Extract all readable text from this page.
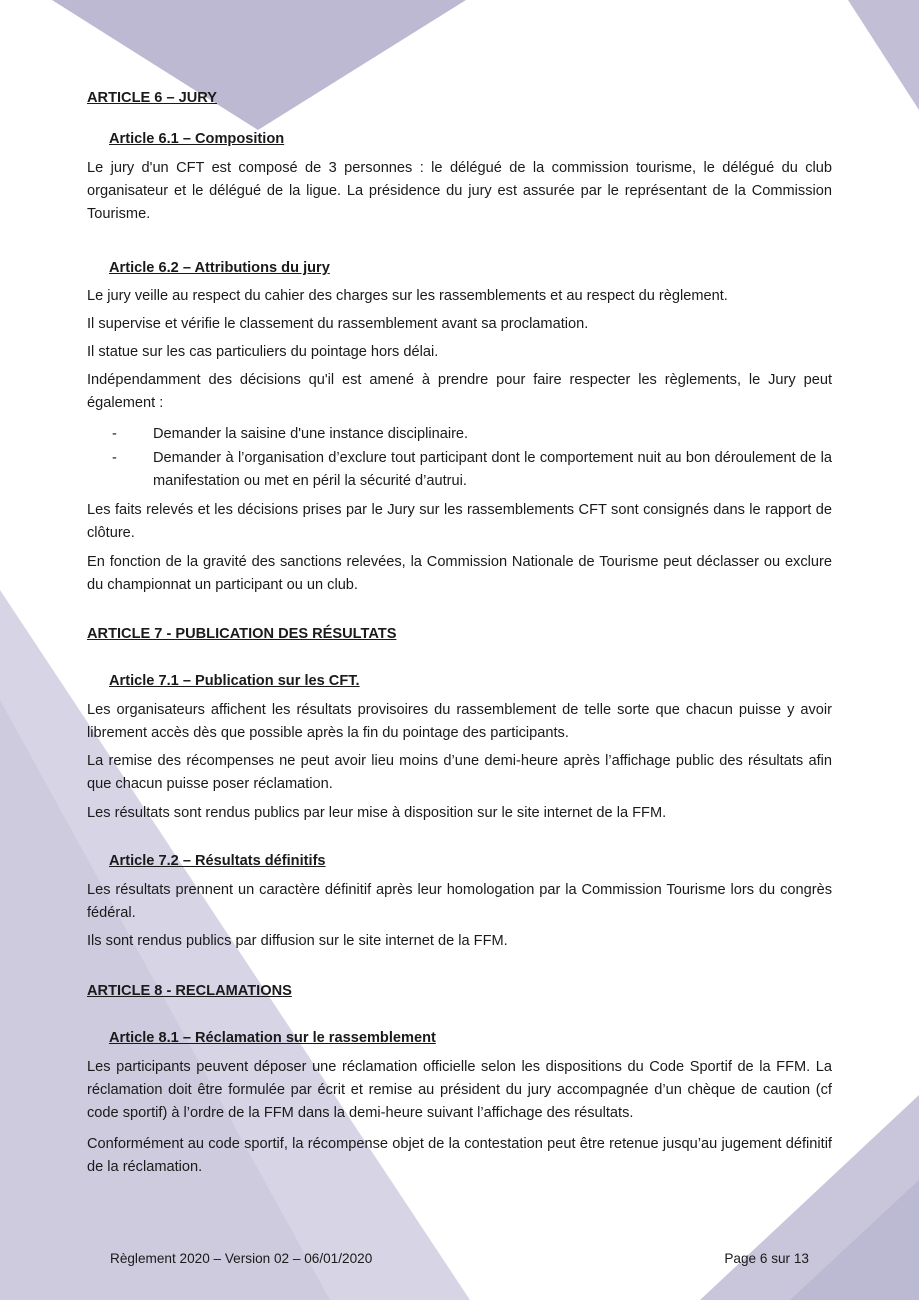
ARTICLE 6 – JURY
Article 6.1 – Composition

Le jury d'un CFT est composé de 3 personnes : le délégué de la commission tourisme, le délégué du club organisateur et le délégué de la ligue. La présidence du jury est assurée par le représentant de la Commission Tourisme.

Article 6.2 – Attributions du jury

Le jury veille au respect du cahier des charges sur les rassemblements et au respect du règlement.

Il supervise et vérifie le classement du rassemblement avant sa proclamation.

Il statue sur les cas particuliers du pointage hors délai.

Indépendamment des décisions qu'il est amené à prendre pour faire respecter les règlements, le Jury peut également :

- Demander la saisine d'une instance disciplinaire.

- Demander à l’organisation d’exclure tout participant dont le comportement nuit au bon déroulement de la manifestation ou met en péril la sécurité d’autrui.

Les faits relevés et les décisions prises par le Jury sur les rassemblements CFT sont consignés dans le rapport de clôture.

En fonction de la gravité des sanctions relevées, la Commission Nationale de Tourisme peut déclasser ou exclure du championnat un participant ou un club.

ARTICLE 7 - PUBLICATION DES RÉSULTATS
Article 7.1 – Publication sur les CFT.

Les organisateurs affichent les résultats provisoires du rassemblement de telle sorte que chacun puisse y avoir librement accès dès que possible après la fin du pointage des participants.

La remise des récompenses ne peut avoir lieu moins d’une demi-heure après l’affichage public des résultats afin que chacun puisse poser réclamation.

Les résultats sont rendus publics par leur mise à disposition sur le site internet de la FFM.

Article 7.2 – Résultats définitifs

Les résultats prennent un caractère définitif après leur homologation par la Commission Tourisme lors du congrès fédéral.

Ils sont rendus publics par diffusion sur le site internet de la FFM.

ARTICLE 8 - RECLAMATIONS
Article 8.1 – Réclamation sur le rassemblement

Les participants peuvent déposer une réclamation officielle selon les dispositions du Code Sportif de la FFM. La réclamation doit être formulée par écrit et remise au président du jury accompagnée d’un chèque de caution (cf code sportif) à l’ordre de la FFM dans la demi-heure suivant l’affichage des résultats.

Conformément au code sportif, la récompense objet de la contestation peut être retenue jusqu’au jugement définitif de la réclamation.

Règlement 2020 – Version 02 – 06/01/2020	Page 6 sur 13
